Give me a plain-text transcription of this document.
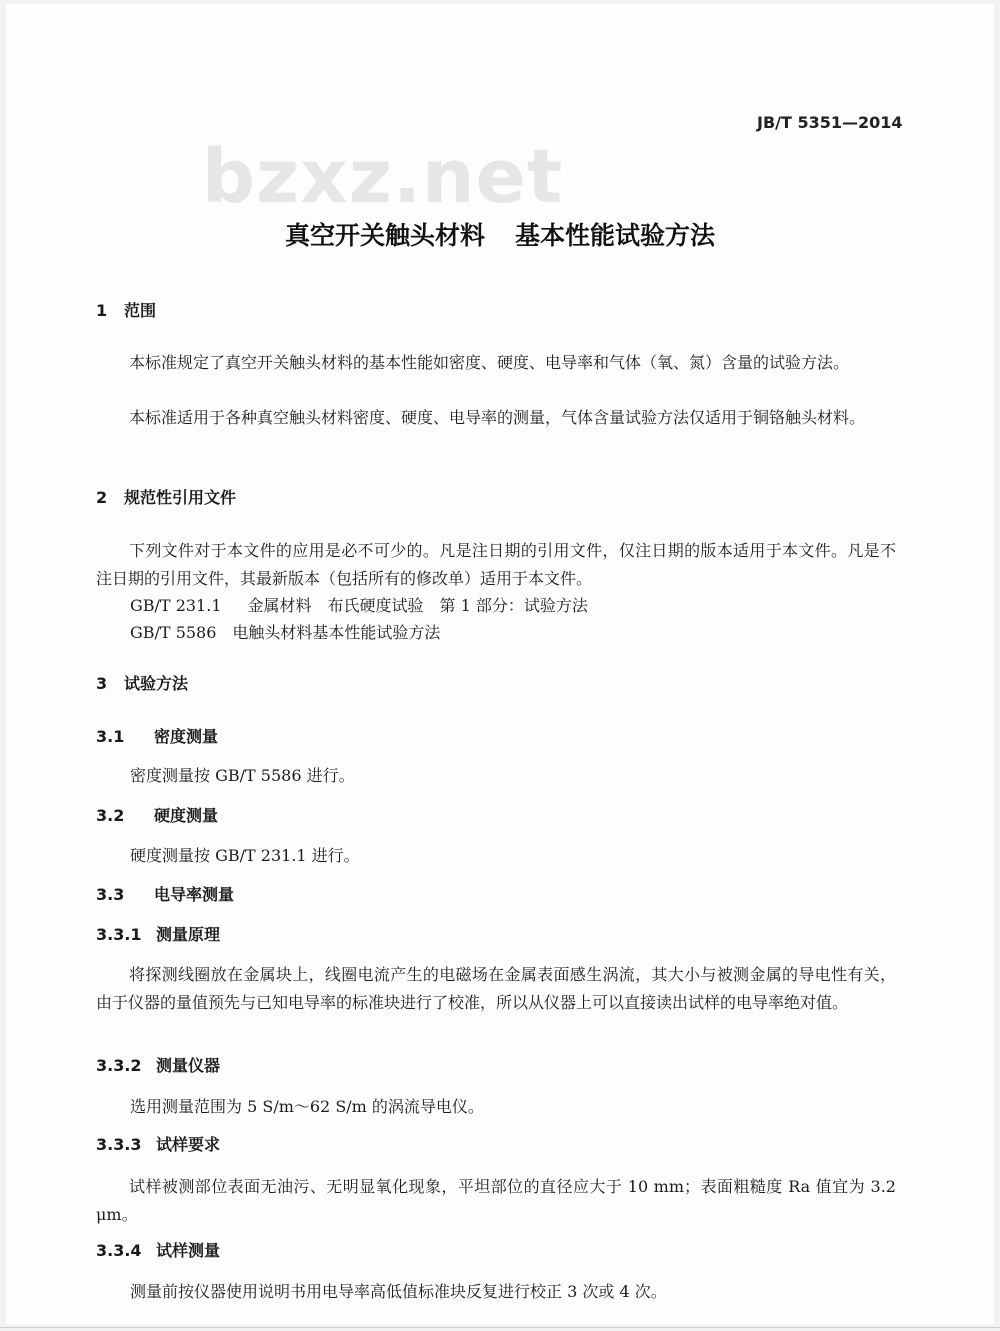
JB/T 5351—2014
bzxz.net
真空开关触头材料 基本性能试验方法
1 范围
本标准规定了真空开关触头材料的基本性能如密度、硬度、电导率和气体（氧、氮）含量的试验方法。
本标准适用于各种真空触头材料密度、硬度、电导率的测量，气体含量试验方法仅适用于铜铬触头材料。
2 规范性引用文件
下列文件对于本文件的应用是必不可少的。凡是注日期的引用文件，仅注日期的版本适用于本文件。凡是不注日期的引用文件，其最新版本（包括所有的修改单）适用于本文件。
GB/T 231.1 金属材料　布氏硬度试验　第 1 部分：试验方法
GB/T 5586 电触头材料基本性能试验方法
3 试验方法
3.1 密度测量
密度测量按 GB/T 5586 进行。
3.2 硬度测量
硬度测量按 GB/T 231.1 进行。
3.3 电导率测量
3.3.1 测量原理
将探测线圈放在金属块上，线圈电流产生的电磁场在金属表面感生涡流，其大小与被测金属的导电性有关，由于仪器的量值预先与已知电导率的标准块进行了校准，所以从仪器上可以直接读出试样的电导率绝对值。
3.3.2 测量仪器
选用测量范围为 5 S/m～62 S/m 的涡流导电仪。
3.3.3 试样要求
试样被测部位表面无油污、无明显氧化现象，平坦部位的直径应大于 10 mm；表面粗糙度 Ra 值宜为 3.2 μm。
3.3.4 试样测量
测量前按仪器使用说明书用电导率高低值标准块反复进行校正 3 次或 4 次。
